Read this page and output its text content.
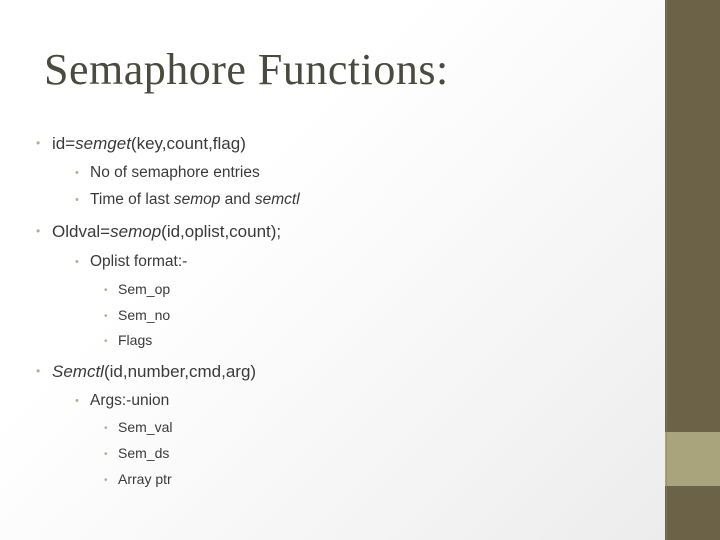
Semaphore Functions:
• id=semget(key,count,flag)
• No of semaphore entries
• Time of last semop and semctl
• Oldval=semop(id,oplist,count);
• Oplist format:-
• Sem_op
• Sem_no
• Flags
• Semctl(id,number,cmd,arg)
• Args:-union
• Sem_val
• Sem_ds
• Array ptr
